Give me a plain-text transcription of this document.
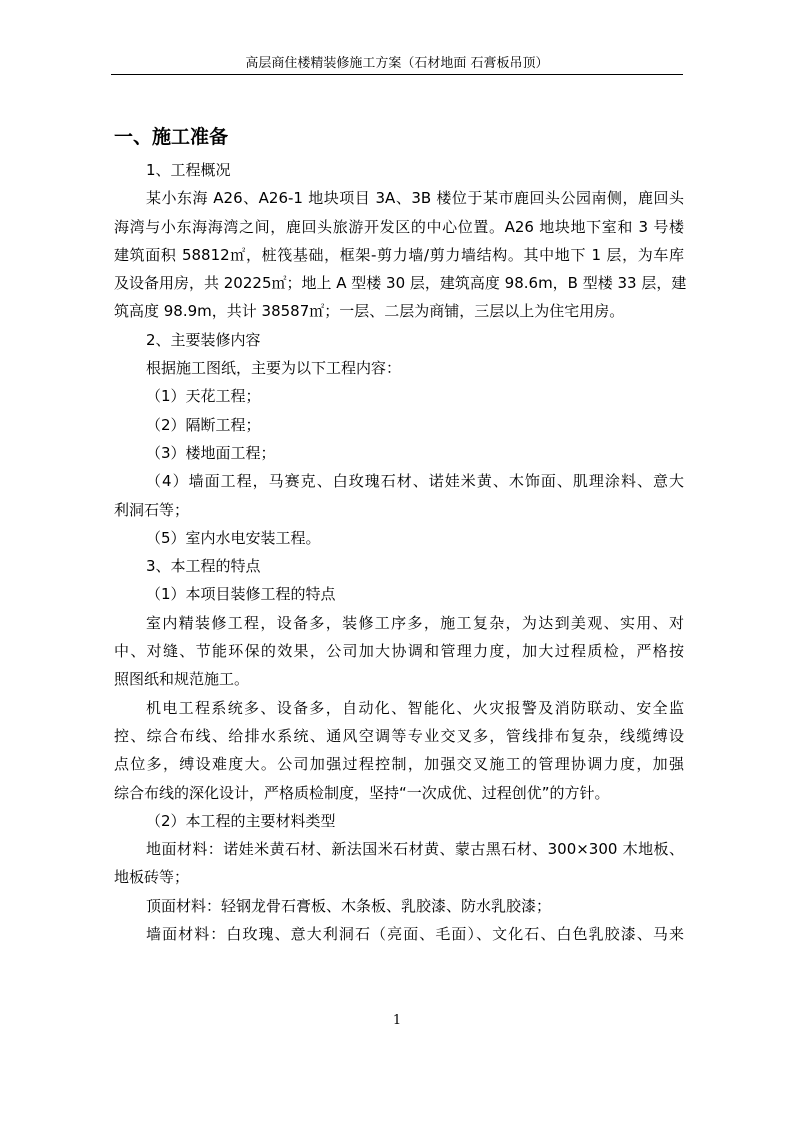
高层商住楼精装修施工方案（石材地面 石膏板吊顶）
一、施工准备
1、工程概况
某小东海 A26、A26-1 地块项目 3A、3B 楼位于某市鹿回头公园南侧，鹿回头
海湾与小东海海湾之间，鹿回头旅游开发区的中心位置。A26 地块地下室和 3 号楼
建筑面积 58812㎡，桩筏基础，框架-剪力墙/剪力墙结构。其中地下 1 层，为车库
及设备用房，共 20225㎡；地上 A 型楼 30 层，建筑高度 98.6m，B 型楼 33 层，建
筑高度 98.9m，共计 38587㎡；一层、二层为商铺，三层以上为住宅用房。
2、主要装修内容
根据施工图纸，主要为以下工程内容：
（1）天花工程；
（2）隔断工程；
（3）楼地面工程；
（4）墙面工程，马赛克、白玫瑰石材、诺娃米黄、木饰面、肌理涂料、意大
利洞石等；
（5）室内水电安装工程。
3、本工程的特点
（1）本项目装修工程的特点
室内精装修工程，设备多，装修工序多，施工复杂，为达到美观、实用、对
中、对缝、节能环保的效果，公司加大协调和管理力度，加大过程质检，严格按
照图纸和规范施工。
机电工程系统多、设备多，自动化、智能化、火灾报警及消防联动、安全监
控、综合布线、给排水系统、通风空调等专业交叉多，管线排布复杂，线缆缚设
点位多，缚设难度大。公司加强过程控制，加强交叉施工的管理协调力度，加强
综合布线的深化设计，严格质检制度，坚持“一次成优、过程创优”的方针。
（2）本工程的主要材料类型
地面材料：诺娃米黄石材、新法国米石材黄、蒙古黑石材、300×300 木地板、
地板砖等；
顶面材料：轻钢龙骨石膏板、木条板、乳胶漆、防水乳胶漆；
墙面材料：白玫瑰、意大利洞石（亮面、毛面）、文化石、白色乳胶漆、马来
1
